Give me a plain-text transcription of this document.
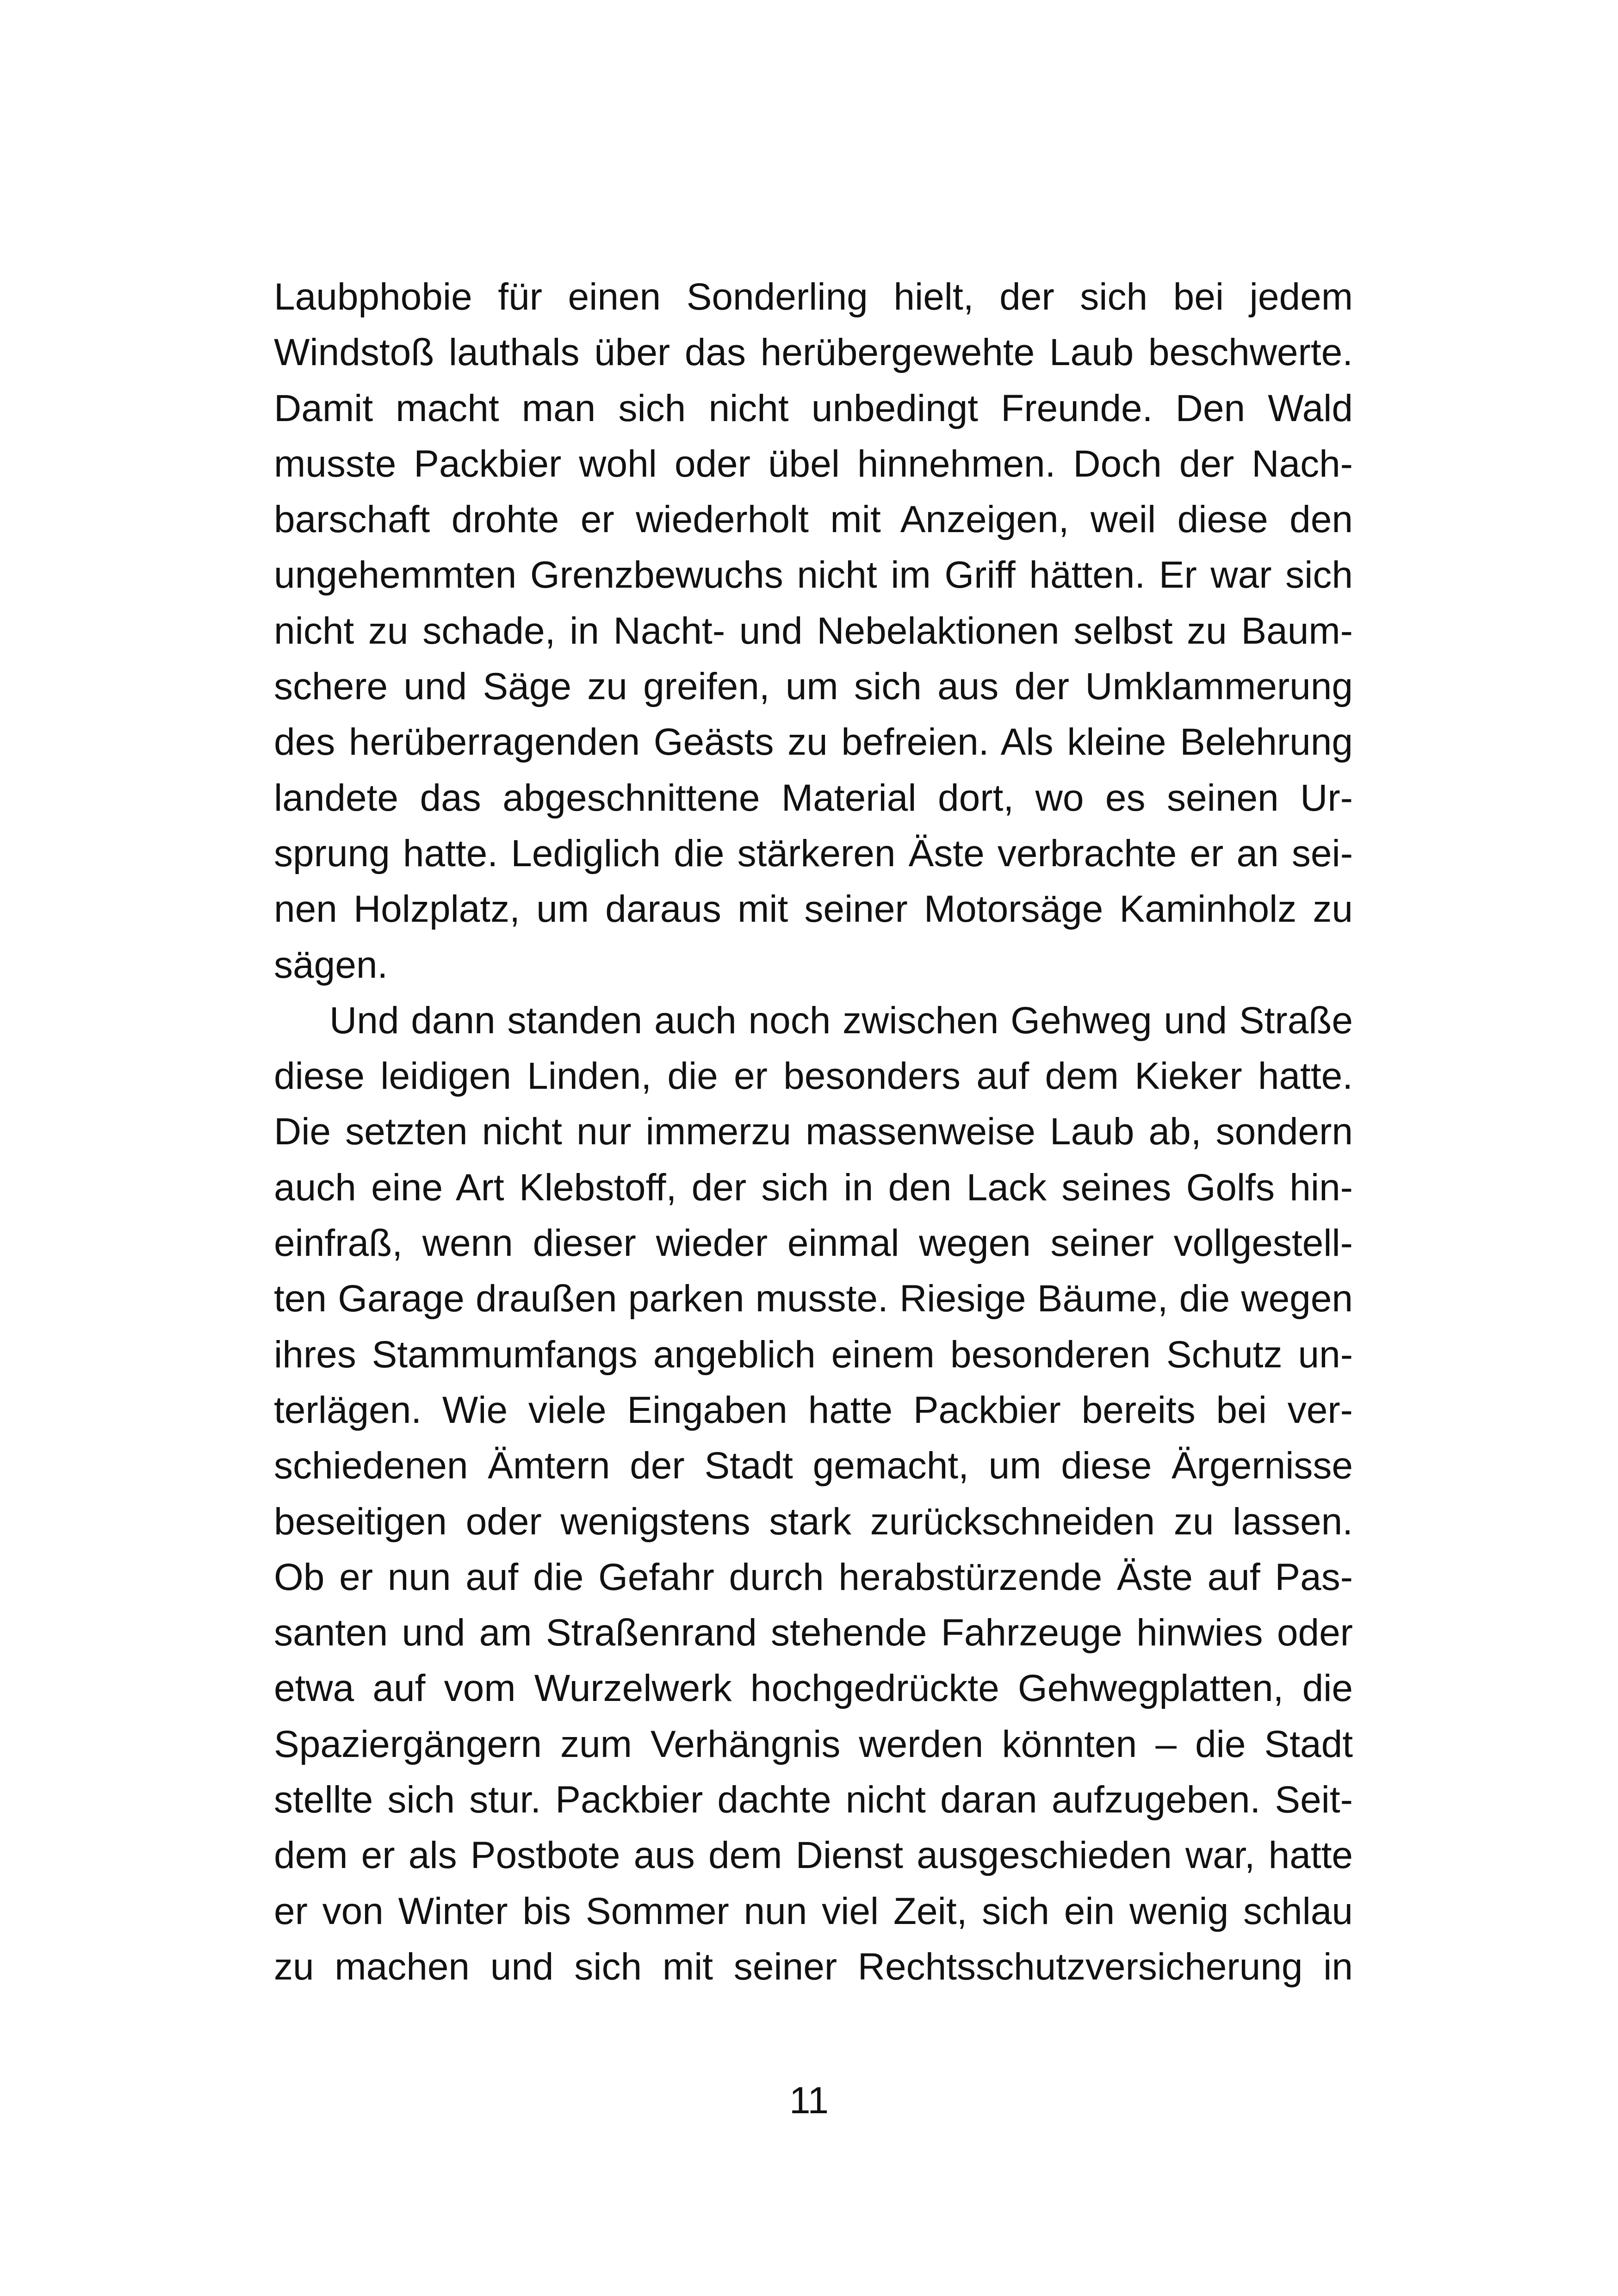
Laubphobie für einen Sonderling hielt, der sich bei jedem
Windstoß lauthals über das herübergewehte Laub beschwerte.
Damit macht man sich nicht unbedingt Freunde. Den Wald
musste Packbier wohl oder übel hinnehmen. Doch der Nach-
barschaft drohte er wiederholt mit Anzeigen, weil diese den
ungehemmten Grenzbewuchs nicht im Griff hätten. Er war sich
nicht zu schade, in Nacht- und Nebelaktionen selbst zu Baum-
schere und Säge zu greifen, um sich aus der Umklammerung
des herüberragenden Geästs zu befreien. Als kleine Belehrung
landete das abgeschnittene Material dort, wo es seinen Ur-
sprung hatte. Lediglich die stärkeren Äste verbrachte er an sei-
nen Holzplatz, um daraus mit seiner Motorsäge Kaminholz zu
sägen.
Und dann standen auch noch zwischen Gehweg und Straße
diese leidigen Linden, die er besonders auf dem Kieker hatte.
Die setzten nicht nur immerzu massenweise Laub ab, sondern
auch eine Art Klebstoff, der sich in den Lack seines Golfs hin-
einfraß, wenn dieser wieder einmal wegen seiner vollgestell-
ten Garage draußen parken musste. Riesige Bäume, die wegen
ihres Stammumfangs angeblich einem besonderen Schutz un-
terlägen. Wie viele Eingaben hatte Packbier bereits bei ver-
schiedenen Ämtern der Stadt gemacht, um diese Ärgernisse
beseitigen oder wenigstens stark zurückschneiden zu lassen.
Ob er nun auf die Gefahr durch herabstürzende Äste auf Pas-
santen und am Straßenrand stehende Fahrzeuge hinwies oder
etwa auf vom Wurzelwerk hochgedrückte Gehwegplatten, die
Spaziergängern zum Verhängnis werden könnten – die Stadt
stellte sich stur. Packbier dachte nicht daran aufzugeben. Seit-
dem er als Postbote aus dem Dienst ausgeschieden war, hatte
er von Winter bis Sommer nun viel Zeit, sich ein wenig schlau
zu machen und sich mit seiner Rechtsschutzversicherung in
11
